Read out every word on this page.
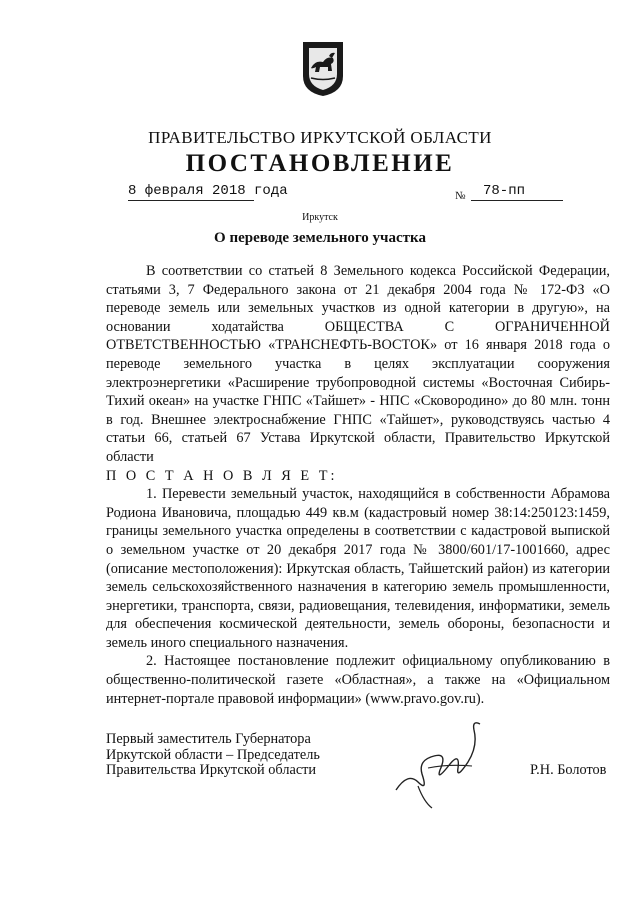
ПРАВИТЕЛЬСТВО ИРКУТСКОЙ ОБЛАСТИ
ПОСТАНОВЛЕНИЕ
8 февраля 2018 года	№	78-пп
Иркутск
О переводе земельного участка

В соответствии со статьей 8 Земельного кодекса Российской Федерации, статьями 3, 7 Федерального закона от 21 декабря 2004 года № 172-ФЗ «О переводе земель или земельных участков из одной категории в другую», на основании ходатайства ОБЩЕСТВА С ОГРАНИЧЕННОЙ ОТВЕТСТВЕННОСТЬЮ «ТРАНСНЕФТЬ-ВОСТОК» от 16 января 2018 года о переводе земельного участка в целях эксплуатации сооружения электроэнергетики «Расширение трубопроводной системы «Восточная Сибирь-Тихий океан» на участке ГНПС «Тайшет» - НПС «Сковородино» до 80 млн. тонн в год. Внешнее электроснабжение ГНПС «Тайшет», руководствуясь частью 4 статьи 66, статьей 67 Устава Иркутской области, Правительство Иркутской области

П О С Т А Н О В Л Я Е Т:

1. Перевести земельный участок, находящийся в собственности Абрамова Родиона Ивановича, площадью 449 кв.м (кадастровый номер 38:14:250123:1459, границы земельного участка определены в соответствии с кадастровой выпиской о земельном участке от 20 декабря 2017 года № 3800/601/17-1001660, адрес (описание местоположения): Иркутская область, Тайшетский район) из категории земель сельскохозяйственного назначения в категорию земель промышленности, энергетики, транспорта, связи, радиовещания, телевидения, информатики, земель для обеспечения космической деятельности, земель обороны, безопасности и земель иного специального назначения.

2. Настоящее постановление подлежит официальному опубликованию в общественно-политической газете «Областная», а также на «Официальном интернет-портале правовой информации» (www.pravo.gov.ru).

Первый заместитель Губернатора
Иркутской области – Председатель
Правительства Иркутской области	Р.Н. Болотов
